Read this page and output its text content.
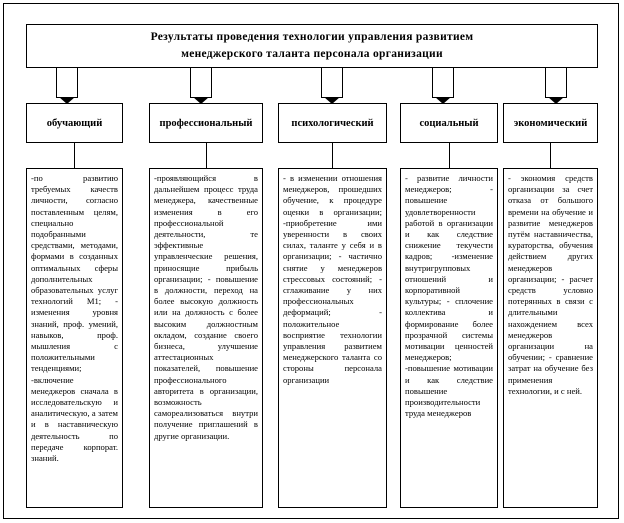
Результаты проведения технологии управления развитием
менеджерского таланта персонала организации
обучающий	профессиональный	психологический	социальный	экономический

-по развитию требуемых качеств личности, согласно поставленным целям, специально подобранными средствами, методами, формами в созданных оптимальных сферы дополнительных образовательных услуг технологий М1; - изменения уровня знаний, проф. умений, навыков, проф. мышления с положительными тенденциями; -включение менеджеров сначала в исследовательскую и аналитическую, а затем и в наставническую деятельность по передаче корпорат. знаний.

-проявляющийся в дальнейшем процесс труда менеджера, качественные изменения в его профессиональной деятельности, те эффективные управленческие решения, приносящие прибыль организации; - повышение в должности, переход на более высокую должность или на должность с более высоким должностным окладом, создание своего бизнеса, улучшение аттестационных показателей, повышение профессионального авторитета в организации, возможность самореализоваться внутри получение приглашений в другие организации.

- в изменении отношения менеджеров, прошедших обучение, к процедуре оценки в организации; -приобретение ими уверенности в своих силах, таланте у себя и в организации; - частично снятие у менеджеров стрессовых состояний; - сглаживание у них профессиональных деформаций; - положительное восприятие технологии управления развитием менеджерского таланта со стороны персонала организации

- развитие личности менеджеров; - повышение удовлетворенности работой в организации и как следствие снижение текучести кадров; -изменение внутригрупповых отношений и корпоративной культуры; - сплочение коллектива и формирование более прозрачной системы мотивации ценностей менеджеров; -повышение мотивации и как следствие повышение производительности труда менеджеров

- экономия средств организации за счет отказа от большого времени на обучение и развитие менеджеров путём наставничества, кураторства, обучения действием других менеджеров организации; - расчет средств условно потерянных в связи с длительными нахождением всех менеджеров организации на обучении; - сравнение затрат на обучение без применения технологии, и с ней.
